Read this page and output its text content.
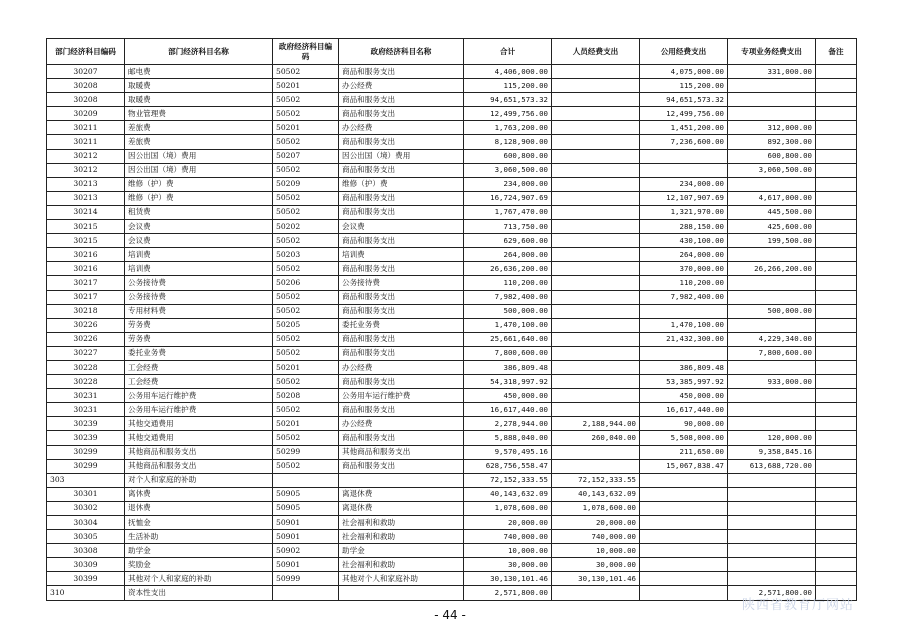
部门经济科目编码	部门经济科目名称	政府经济科目编码	政府经济科目名称	合计	人员经费支出	公用经费支出	专项业务经费支出	备注
30207	邮电费	50502	商品和服务支出	4,406,000.00		4,075,000.00	331,000.00	
30208	取暖费	50201	办公经费	115,200.00		115,200.00		
30208	取暖费	50502	商品和服务支出	94,651,573.32		94,651,573.32		
30209	物业管理费	50502	商品和服务支出	12,499,756.00		12,499,756.00		
30211	差旅费	50201	办公经费	1,763,200.00		1,451,200.00	312,000.00	
30211	差旅费	50502	商品和服务支出	8,128,900.00		7,236,600.00	892,300.00	
30212	因公出国（境）费用	50207	因公出国（境）费用	600,800.00			600,800.00	
30212	因公出国（境）费用	50502	商品和服务支出	3,060,500.00			3,060,500.00	
30213	维修（护）费	50209	维修（护）费	234,000.00		234,000.00		
30213	维修（护）费	50502	商品和服务支出	16,724,907.69		12,107,907.69	4,617,000.00	
30214	租赁费	50502	商品和服务支出	1,767,470.00		1,321,970.00	445,500.00	
30215	会议费	50202	会议费	713,750.00		288,150.00	425,600.00	
30215	会议费	50502	商品和服务支出	629,600.00		430,100.00	199,500.00	
30216	培训费	50203	培训费	264,000.00		264,000.00		
30216	培训费	50502	商品和服务支出	26,636,200.00		370,000.00	26,266,200.00	
30217	公务接待费	50206	公务接待费	110,200.00		110,200.00		
30217	公务接待费	50502	商品和服务支出	7,982,400.00		7,982,400.00		
30218	专用材料费	50502	商品和服务支出	500,000.00			500,000.00	
30226	劳务费	50205	委托业务费	1,470,100.00		1,470,100.00		
30226	劳务费	50502	商品和服务支出	25,661,640.00		21,432,300.00	4,229,340.00	
30227	委托业务费	50502	商品和服务支出	7,800,600.00			7,800,600.00	
30228	工会经费	50201	办公经费	386,809.48		386,809.48		
30228	工会经费	50502	商品和服务支出	54,318,997.92		53,385,997.92	933,000.00	
30231	公务用车运行维护费	50208	公务用车运行维护费	450,000.00		450,000.00		
30231	公务用车运行维护费	50502	商品和服务支出	16,617,440.00		16,617,440.00		
30239	其他交通费用	50201	办公经费	2,278,944.00	2,188,944.00	90,000.00		
30239	其他交通费用	50502	商品和服务支出	5,888,040.00	260,040.00	5,508,000.00	120,000.00	
30299	其他商品和服务支出	50299	其他商品和服务支出	9,570,495.16		211,650.00	9,358,845.16	
30299	其他商品和服务支出	50502	商品和服务支出	628,756,558.47		15,067,838.47	613,688,720.00	
303	对个人和家庭的补助			72,152,333.55	72,152,333.55			
30301	离休费	50905	离退休费	40,143,632.09	40,143,632.09			
30302	退休费	50905	离退休费	1,078,600.00	1,078,600.00			
30304	抚恤金	50901	社会福利和救助	20,000.00	20,000.00			
30305	生活补助	50901	社会福利和救助	740,000.00	740,000.00			
30308	助学金	50902	助学金	10,000.00	10,000.00			
30309	奖励金	50901	社会福利和救助	30,000.00	30,000.00			
30399	其他对个人和家庭的补助	50999	其他对个人和家庭补助	30,130,101.46	30,130,101.46			
310	资本性支出			2,571,800.00			2,571,800.00	
- 44 -
陕西省教育厅网站
